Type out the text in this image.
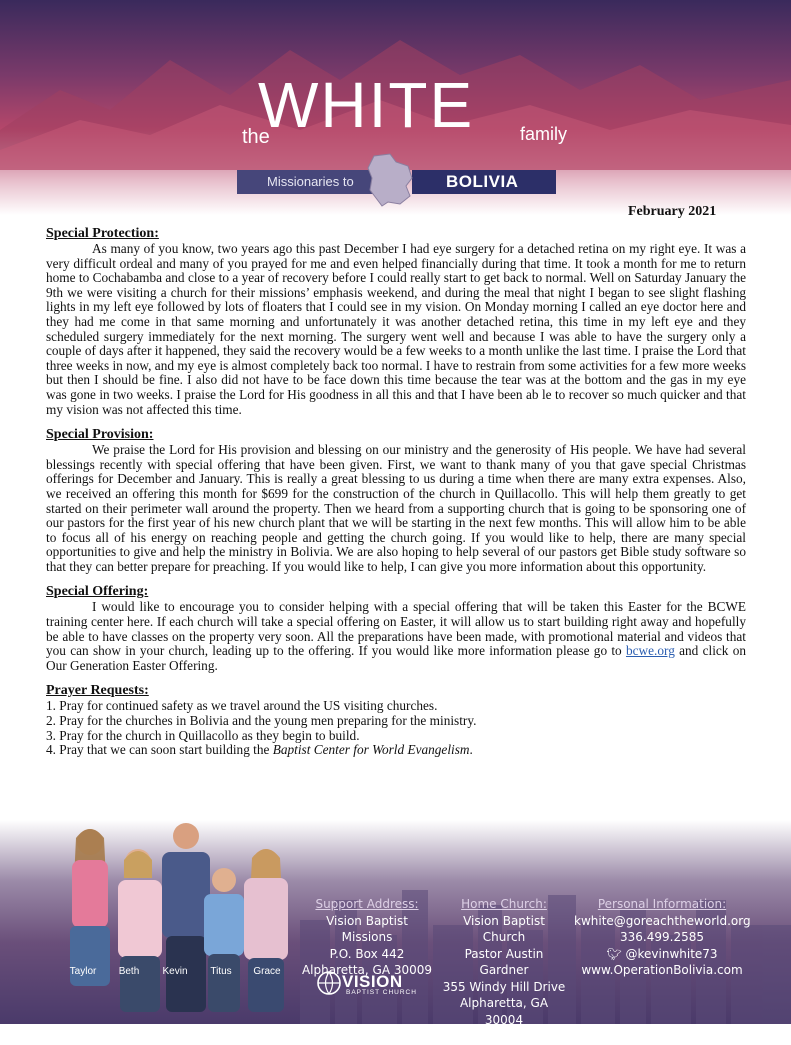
the
WHITE	family
Missionaries to	BOLIVIA
February 2021
Special Protection:

As many of you know, two years ago this past December I had eye surgery for a detached retina on my right eye. It was a very difficult ordeal and many of you prayed for me and even helped financially during that time. It took a month for me to return home to Cochabamba and close to a year of recovery before I could really start to get back to normal. Well on Saturday January the 9th we were visiting a church for their missions’ emphasis weekend, and during the meal that night I began to see slight flashing lights in my left eye followed by lots of floaters that I could see in my vision. On Monday morning I called an eye doctor here and they had me come in that same morning and unfortunately it was another detached retina, this time in my left eye and they scheduled surgery immediately for the next morning. The surgery went well and because I was able to have the surgery only a couple of days after it happened, they said the recovery would be a few weeks to a month unlike the last time. I praise the Lord that three weeks in now, and my eye is almost completely back too normal. I have to restrain from some activities for a few more weeks but then I should be fine. I also did not have to be face down this time because the tear was at the bottom and the gas in my eye was gone in two weeks. I praise the Lord for His goodness in all this and that I have been ab le to recover so much quicker and that my vision was not affected this time.

Special Provision:

We praise the Lord for His provision and blessing on our ministry and the generosity of His people. We have had several blessings recently with special offering that have been given. First, we want to thank many of you that gave special Christmas offerings for December and January. This is really a great blessing to us during a time when there are many extra expenses. Also, we received an offering this month for $699 for the construction of the church in Quillacollo. This will help them greatly to get started on their perimeter wall around the property. Then we heard from a supporting church that is going to be sponsoring one of our pastors for the first year of his new church plant that we will be starting in the next few months. This will allow him to be able to focus all of his energy on reaching people and getting the church going. If you would like to help, there are many special opportunities to give and help the ministry in Bolivia. We are also hoping to help several of our pastors get Bible study software so that they can better prepare for preaching. If you would like to help, I can give you more information about this opportunity.

Special Offering:

I would like to encourage you to consider helping with a special offering that will be taken this Easter for the BCWE training center here. If each church will take a special offering on Easter, it will allow us to start building right away and hopefully be able to have classes on the property very soon. All the preparations have been made, with promotional material and videos that you can show in your church, leading up to the offering. If you would like more information please go to bcwe.org and click on Our Generation Easter Offering.

Prayer Requests:
1. Pray for continued safety as we travel around the US visiting churches.
2. Pray for the churches in Bolivia and the young men preparing for the ministry.
3. Pray for the church in Quillacollo as they begin to build.
4. Pray that we can soon start building the Baptist Center for World Evangelism.
Taylor	Beth	Kevin	Titus	Grace
Support Address:
Vision Baptist Missions
P.O. Box 442
Alpharetta, GA 30009
Home Church:
Vision Baptist Church
Pastor Austin Gardner
355 Windy Hill Drive
Alpharetta, GA 30004
770.456.5881
Personal Information:
kwhite@goreachtheworld.org
336.499.2585
🐦︎ @kevinwhite73
www.OperationBolivia.com
VISION
BAPTIST CHURCH
